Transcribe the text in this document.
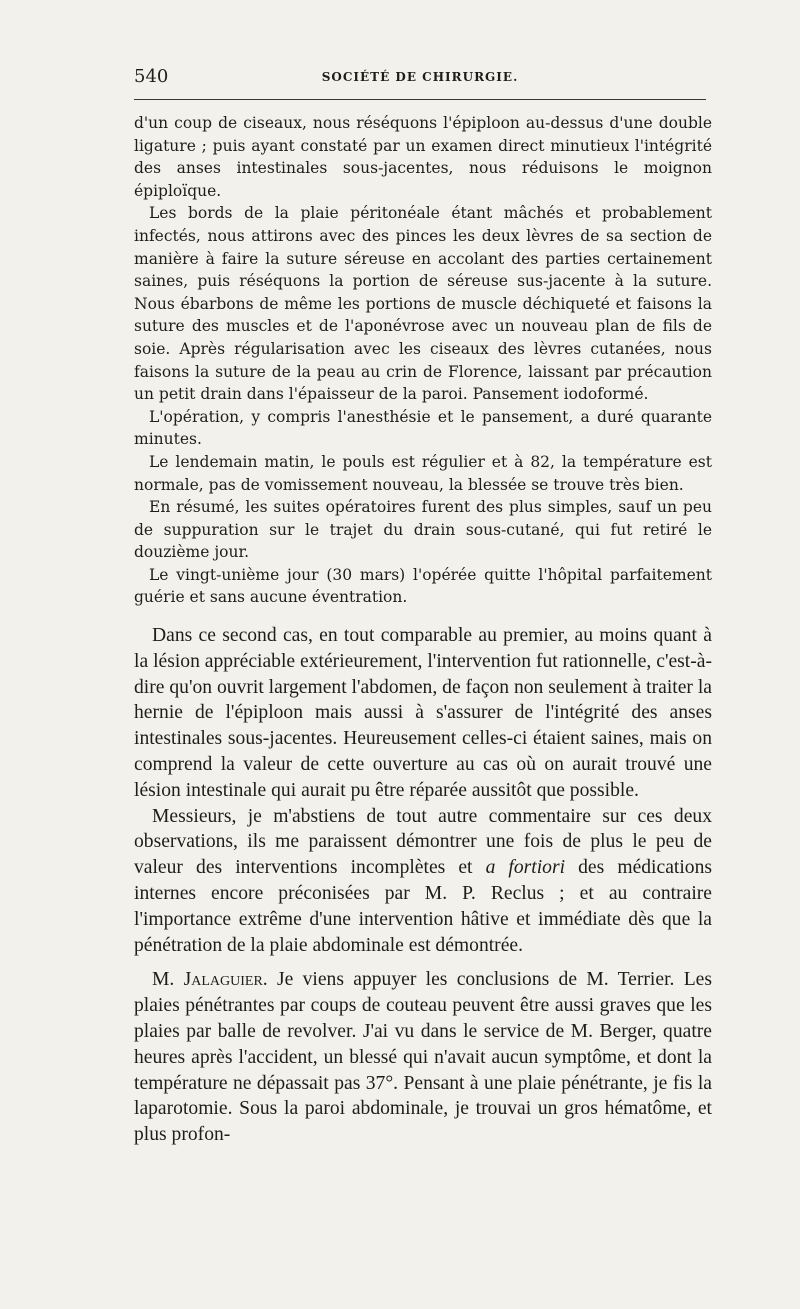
540	SOCIÉTÉ DE CHIRURGIE.

d'un coup de ciseaux, nous réséquons l'épiploon au-dessus d'une double ligature ; puis ayant constaté par un examen direct minutieux l'intégrité des anses intestinales sous-jacentes, nous réduisons le moignon épiploïque.

Les bords de la plaie péritonéale étant mâchés et probablement infectés, nous attirons avec des pinces les deux lèvres de sa section de manière à faire la suture séreuse en accolant des parties certainement saines, puis réséquons la portion de séreuse sus-jacente à la suture. Nous ébarbons de même les portions de muscle déchiqueté et faisons la suture des muscles et de l'aponévrose avec un nouveau plan de fils de soie. Après régularisation avec les ciseaux des lèvres cutanées, nous faisons la suture de la peau au crin de Florence, laissant par précaution un petit drain dans l'épaisseur de la paroi. Pansement iodoformé.

L'opération, y compris l'anesthésie et le pansement, a duré quarante minutes.

Le lendemain matin, le pouls est régulier et à 82, la température est normale, pas de vomissement nouveau, la blessée se trouve très bien.

En résumé, les suites opératoires furent des plus simples, sauf un peu de suppuration sur le trajet du drain sous-cutané, qui fut retiré le douzième jour.

Le vingt-unième jour (30 mars) l'opérée quitte l'hôpital parfaitement guérie et sans aucune éventration.

Dans ce second cas, en tout comparable au premier, au moins quant à la lésion appréciable extérieurement, l'intervention fut rationnelle, c'est-à-dire qu'on ouvrit largement l'abdomen, de façon non seulement à traiter la hernie de l'épiploon mais aussi à s'assurer de l'intégrité des anses intestinales sous-jacentes. Heureusement celles-ci étaient saines, mais on comprend la valeur de cette ouverture au cas où on aurait trouvé une lésion intestinale qui aurait pu être réparée aussitôt que possible.

Messieurs, je m'abstiens de tout autre commentaire sur ces deux observations, ils me paraissent démontrer une fois de plus le peu de valeur des interventions incomplètes et a fortiori des médications internes encore préconisées par M. P. Reclus ; et au contraire l'importance extrême d'une intervention hâtive et immédiate dès que la pénétration de la plaie abdominale est démontrée.

M. Jalaguier. Je viens appuyer les conclusions de M. Terrier. Les plaies pénétrantes par coups de couteau peuvent être aussi graves que les plaies par balle de revolver. J'ai vu dans le service de M. Berger, quatre heures après l'accident, un blessé qui n'avait aucun symptôme, et dont la température ne dépassait pas 37°. Pensant à une plaie pénétrante, je fis la laparotomie. Sous la paroi abdominale, je trouvai un gros hématôme, et plus profon-
